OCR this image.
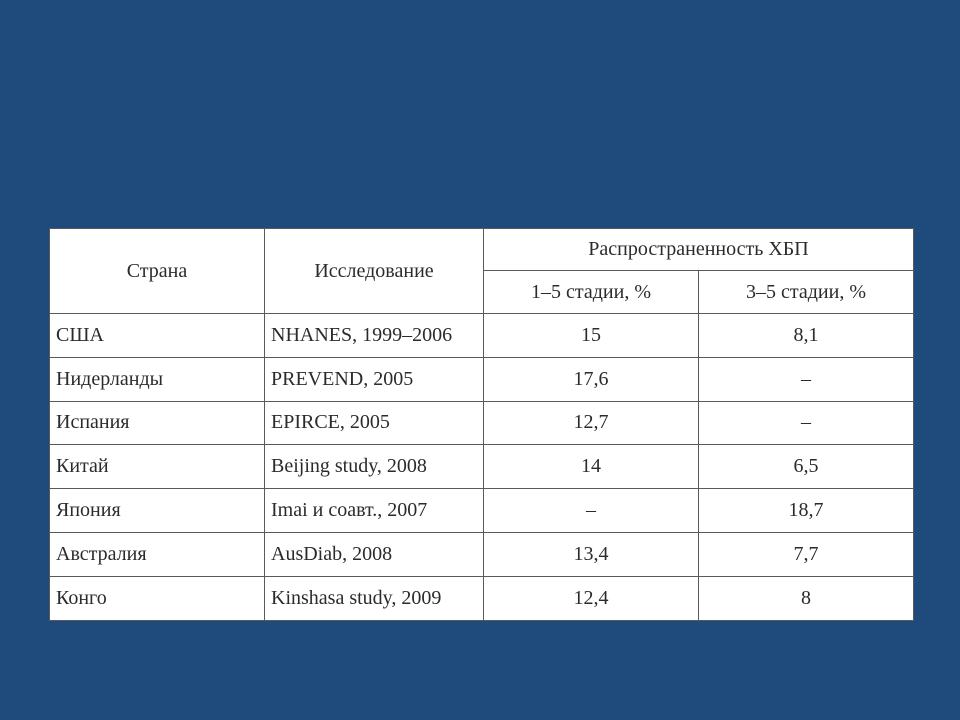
Страна	Исследование	Распространенность ХБП	
		1–5 стадии, %	3–5 стадии, %
США	NHANES, 1999–2006	15	8,1
Нидерланды	PREVEND, 2005	17,6	–
Испания	EPIRCE, 2005	12,7	–
Китай	Beijing study, 2008	14	6,5
Япония	Imai и соавт., 2007	–	18,7
Австралия	AusDiab, 2008	13,4	7,7
Конго	Kinshasa study, 2009	12,4	8
